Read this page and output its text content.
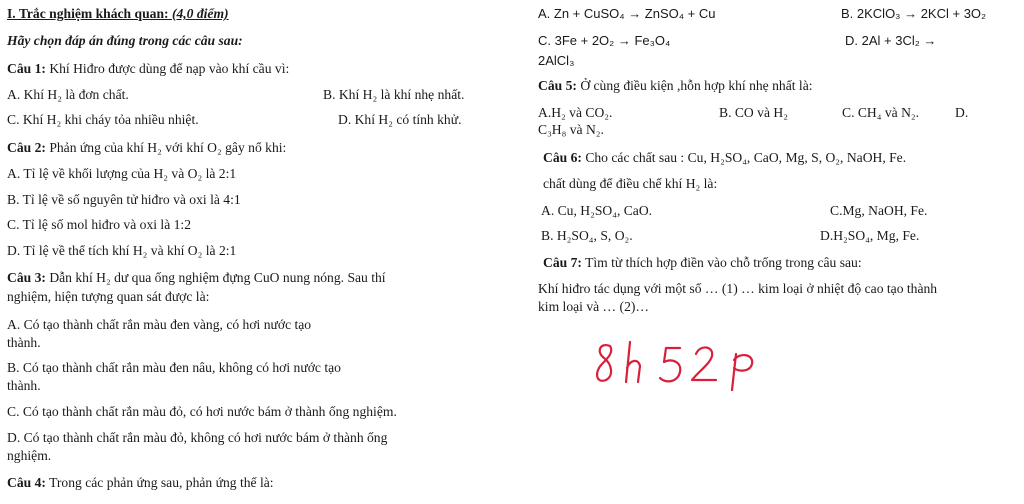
I. Trắc nghiệm khách quan: (4,0 điểm)
Hãy chọn đáp án đúng trong các câu sau:
Câu 1: Khí Hiđro được dùng để nạp vào khí cầu vì:
A. Khí H₂ là đơn chất.	B. Khí H₂ là khí nhẹ nhất.
C. Khí H₂ khi cháy tỏa nhiều nhiệt.	D. Khí H₂ có tính khử.
Câu 2: Phản ứng của khí H₂ với khí O₂ gây nổ khi:
A. Tỉ lệ về khối lượng của H₂ và O₂ là 2:1
B. Tỉ lệ về số nguyên tử hiđro và oxi là 4:1
C. Tỉ lệ số mol hiđro và oxi là 1:2
D. Tỉ lệ về thể tích khí H₂ và khí O₂ là 2:1
Câu 3: Dẫn khí H₂ dư qua ống nghiệm đựng CuO nung nóng. Sau thí
nghiệm, hiện tượng quan sát được là:
A. Có tạo thành chất rắn màu đen vàng, có hơi nước tạo
thành.
B. Có tạo thành chất rắn màu đen nâu, không có hơi nước tạo
thành.
C. Có tạo thành chất rắn màu đỏ, có hơi nước bám ở thành ống nghiệm.
D. Có tạo thành chất rắn màu đỏ, không có hơi nước bám ở thành ống
nghiệm.
Câu 4: Trong các phản ứng sau, phản ứng thế là:
A. Zn + CuSO₄ → ZnSO₄ + Cu	B. 2KClO₃ → 2KCl + 3O₂
C. 3Fe + 2O₂ → Fe₃O₄	D. 2Al + 3Cl₂ →
2AlCl₃
Câu 5: Ở cùng điều kiện ,hỗn hợp khí nhẹ nhất là:
A.H₂ và CO₂.	B. CO và H₂	C. CH₄ và N₂.	D.
C₃H₈ và N₂.
Câu 6: Cho các chất sau : Cu, H₂SO₄, CaO, Mg, S, O₂, NaOH, Fe.
chất dùng để điều chế khí H₂ là:
A. Cu, H₂SO₄, CaO.	C.Mg, NaOH, Fe.
B. H₂SO₄, S, O₂.	D.H₂SO₄, Mg, Fe.
Câu 7: Tìm từ thích hợp điền vào chỗ trống trong câu sau:
Khí hiđro tác dụng với một số … (1) … kim loại ở nhiệt độ cao tạo thành
kim loại và … (2)…
